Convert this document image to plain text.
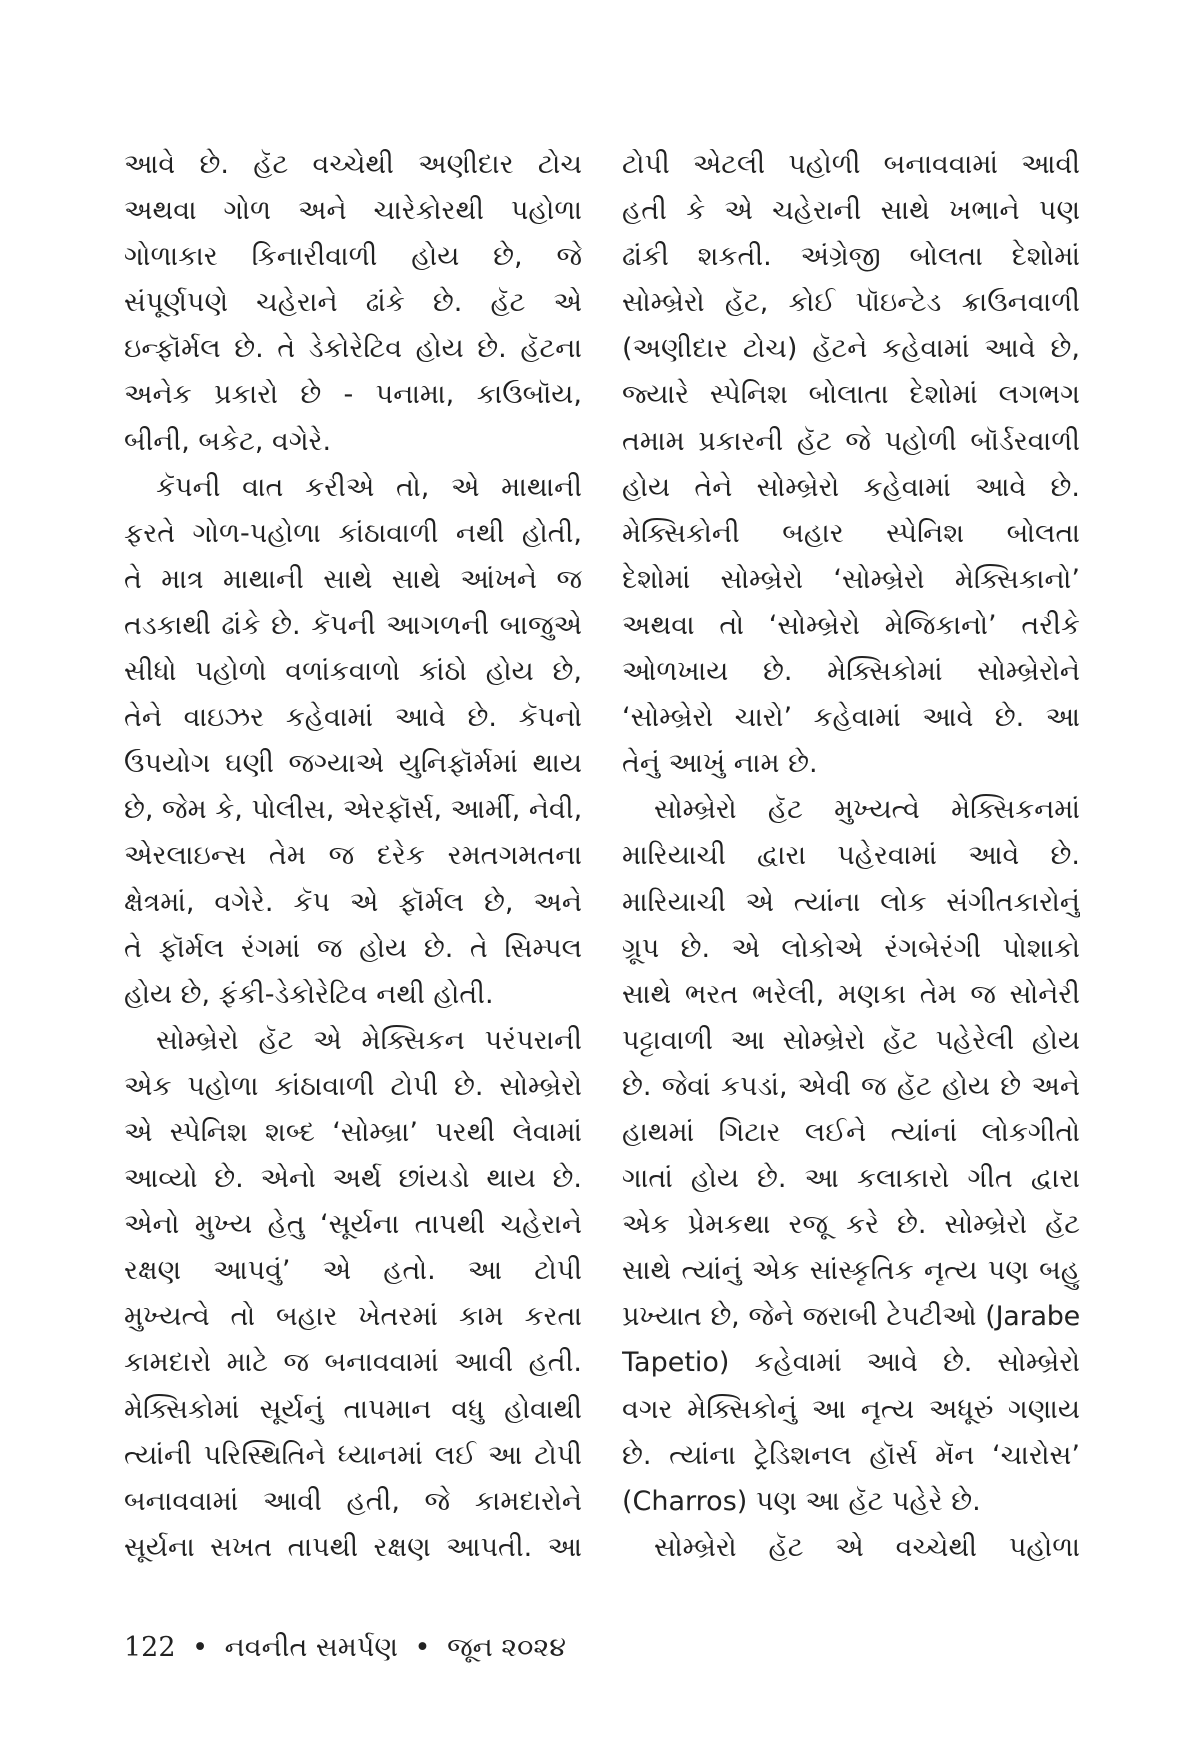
આવે છે. હૅટ વચ્ચેથી અણીદાર ટોચ
અથવા ગોળ અને ચારેકોરથી પહોળા
ગોળાકાર કિનારીવાળી હોય છે, જે
સંપૂર્ણપણે ચહેરાને ઢાંકે છે. હૅટ એ
ઇન્ફૉર્મલ છે. તે ડેકોરેટિવ હોય છે. હૅટના
અનેક પ્રકારો છે - પનામા, કાઉબૉય,
બીની, બકેટ, વગેરે.
કૅપની વાત કરીએ તો, એ માથાની
ફરતે ગોળ-પહોળા કાંઠાવાળી નથી હોતી,
તે માત્ર માથાની સાથે સાથે આંખને જ
તડકાથી ઢાંકે છે. કૅપની આગળની બાજુએ
સીધો પહોળો વળાંકવાળો કાંઠો હોય છે,
તેને વાઇઝર કહેવામાં આવે છે. કૅપનો
ઉપયોગ ઘણી જગ્યાએ યુનિફૉર્મમાં થાય
છે, જેમ કે, પોલીસ, એરફૉર્સ, આર્મી, નેવી,
એરલાઇન્સ તેમ જ દરેક રમતગમતના
ક્ષેત્રમાં, વગેરે. કૅપ એ ફૉર્મલ છે, અને
તે ફૉર્મલ રંગમાં જ હોય છે. તે સિમ્પલ
હોય છે, ફંકી-ડેકોરેટિવ નથી હોતી.
સોમ્બ્રેરો હૅટ એ મેક્સિકન પરંપરાની
એક પહોળા કાંઠાવાળી ટોપી છે. સોમ્બ્રેરો
એ સ્પેનિશ શબ્દ ‘સોમ્બ્રા’ પરથી લેવામાં
આવ્યો છે. એનો અર્થ છાંયડો થાય છે.
એનો મુખ્ય હેતુ ‘સૂર્યના તાપથી ચહેરાને
રક્ષણ આપવું’ એ હતો. આ ટોપી
મુખ્યત્વે તો બહાર ખેતરમાં કામ કરતા
કામદારો માટે જ બનાવવામાં આવી હતી.
મેક્સિકોમાં સૂર્યનું તાપમાન વધુ હોવાથી
ત્યાંની પરિસ્થિતિને ધ્યાનમાં લઈ આ ટોપી
બનાવવામાં આવી હતી, જે કામદારોને
સૂર્યના સખત તાપથી રક્ષણ આપતી. આ
ટોપી એટલી પહોળી બનાવવામાં આવી
હતી કે એ ચહેરાની સાથે ખભાને પણ
ઢાંકી શકતી. અંગ્રેજી બોલતા દેશોમાં
સોમ્બ્રેરો હૅટ, કોઈ પૉઇન્ટેડ ક્રાઉનવાળી
(અણીદાર ટોચ) હૅટને કહેવામાં આવે છે,
જ્યારે સ્પેનિશ બોલાતા દેશોમાં લગભગ
તમામ પ્રકારની હૅટ જે પહોળી બૉર્ડરવાળી
હોય તેને સોમ્બ્રેરો કહેવામાં આવે છે.
મેક્સિકોની બહાર સ્પેનિશ બોલતા
દેશોમાં સોમ્બ્રેરો ‘સોમ્બ્રેરો મેક્સિકાનો’
અથવા તો ‘સોમ્બ્રેરો મેજિકાનો’ તરીકે
ઓળખાય છે. મેક્સિકોમાં સોમ્બ્રેરોને
‘સોમ્બ્રેરો ચારો’ કહેવામાં આવે છે. આ
તેનું આખું નામ છે.
સોમ્બ્રેરો હૅટ મુખ્યત્વે મેક્સિકનમાં
મારિયાચી દ્વારા પહેરવામાં આવે છે.
મારિયાચી એ ત્યાંના લોક સંગીતકારોનું
ગ્રૂપ છે. એ લોકોએ રંગબેરંગી પોશાકો
સાથે ભરત ભરેલી, મણકા તેમ જ સોનેરી
પટ્ટાવાળી આ સોમ્બ્રેરો હૅટ પહેરેલી હોય
છે. જેવાં કપડાં, એવી જ હૅટ હોય છે અને
હાથમાં ગિટાર લઈને ત્યાંનાં લોકગીતો
ગાતાં હોય છે. આ કલાકારો ગીત દ્વારા
એક પ્રેમકથા રજૂ કરે છે. સોમ્બ્રેરો હૅટ
સાથે ત્યાંનું એક સાંસ્કૃતિક નૃત્ય પણ બહુ
પ્રખ્યાત છે, જેને જરાબી ટેપટીઓ (Jarabe
Tapetio) કહેવામાં આવે છે. સોમ્બ્રેરો
વગર મેક્સિકોનું આ નૃત્ય અધૂરું ગણાય
છે. ત્યાંના ટ્રેડિશનલ હૉર્સ મૅન ‘ચારોસ’
(Charros) પણ આ હૅટ પહેરે છે.
સોમ્બ્રેરો હૅટ એ વચ્ચેથી પહોળા
122 • નવનીત સમર્પણ • જૂન ૨૦૨૪
